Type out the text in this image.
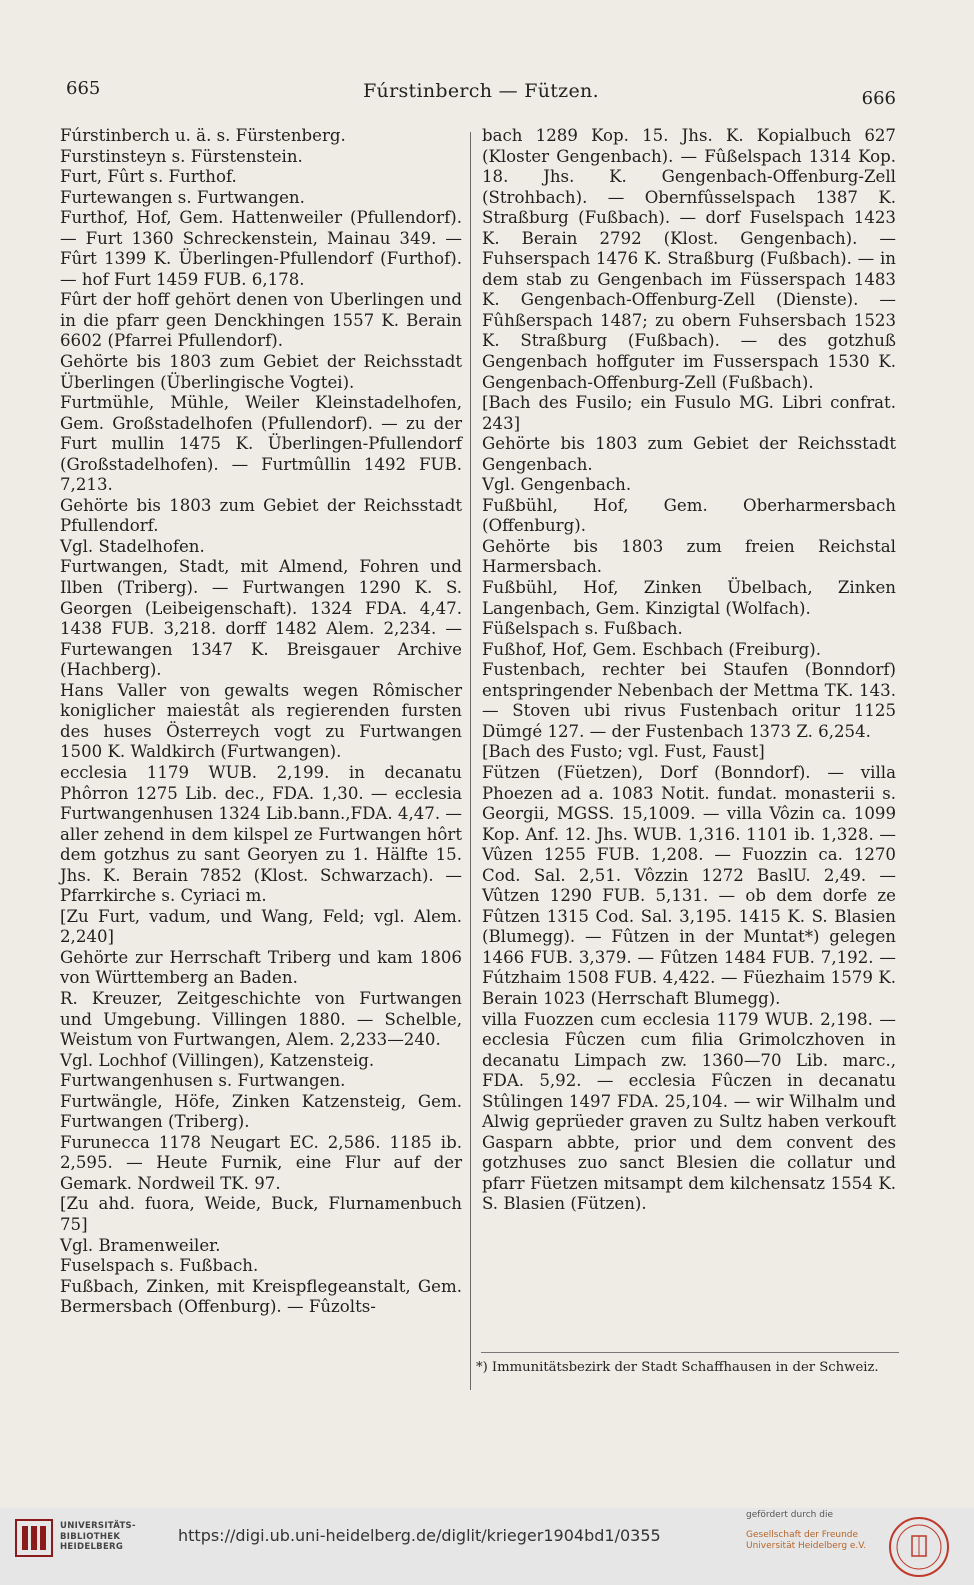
665	Fúrstinberch — Fützen.	666

Fúrstinberch u. ä. s. Fürstenberg.

Furstinsteyn s. Fürstenstein.

Furt, Fûrt s. Furthof.

Furtewangen s. Furtwangen.

Furthof, Hof, Gem. Hattenweiler (Pfullendorf). — Furt 1360 Schreckenstein, Mainau 349. — Fûrt 1399 K. Überlingen-Pfullendorf (Furthof). — hof Furt 1459 FUB. 6,178.

Fûrt der hoff gehört denen von Uberlingen und in die pfarr geen Denckhingen 1557 K. Berain 6602 (Pfarrei Pfullendorf).

Gehörte bis 1803 zum Gebiet der Reichsstadt Überlingen (Überlingische Vogtei).

Furtmühle, Mühle, Weiler Kleinstadelhofen, Gem. Großstadelhofen (Pfullendorf). — zu der Furt mullin 1475 K. Überlingen-Pfullendorf (Großstadelhofen). — Furtmûllin 1492 FUB. 7,213.

Gehörte bis 1803 zum Gebiet der Reichsstadt Pfullendorf.

Vgl. Stadelhofen.

Furtwangen, Stadt, mit Almend, Fohren und Ilben (Triberg). — Furtwangen 1290 K. S. Georgen (Leibeigenschaft). 1324 FDA. 4,47. 1438 FUB. 3,218. dorff 1482 Alem. 2,234. — Furtewangen 1347 K. Breisgauer Archive (Hachberg).

Hans Valler von gewalts wegen Rômischer koniglicher maiestât als regierenden fursten des huses Österreych vogt zu Furtwangen 1500 K. Waldkirch (Furtwangen).

ecclesia 1179 WUB. 2,199. in decanatu Phôrron 1275 Lib. dec., FDA. 1,30. — ecclesia Furtwangenhusen 1324 Lib.bann.,FDA. 4,47. — aller zehend in dem kilspel ze Furtwangen hôrt dem gotzhus zu sant Georyen zu 1. Hälfte 15. Jhs. K. Berain 7852 (Klost. Schwarzach). — Pfarrkirche s. Cyriaci m.

[Zu Furt, vadum, und Wang, Feld; vgl. Alem. 2,240]

Gehörte zur Herrschaft Triberg und kam 1806 von Württemberg an Baden.

R. Kreuzer, Zeitgeschichte von Furtwangen und Umgebung. Villingen 1880. — Schelble, Weistum von Furtwangen, Alem. 2,233—240.

Vgl. Lochhof (Villingen), Katzensteig.

Furtwangenhusen s. Furtwangen.

Furtwängle, Höfe, Zinken Katzensteig, Gem. Furtwangen (Triberg).

Furunecca 1178 Neugart EC. 2,586. 1185 ib. 2,595. — Heute Furnik, eine Flur auf der Gemark. Nordweil TK. 97.

[Zu ahd. fuora, Weide, Buck, Flurnamenbuch 75]

Vgl. Bramenweiler.

Fuselspach s. Fußbach.

Fußbach, Zinken, mit Kreispflegeanstalt, Gem. Bermersbach (Offenburg). — Fûzolts-

bach 1289 Kop. 15. Jhs. K. Kopialbuch 627 (Kloster Gengenbach). — Fûßelspach 1314 Kop. 18. Jhs. K. Gengenbach-Offenburg-Zell (Strohbach). — Obernfûsselspach 1387 K. Straßburg (Fußbach). — dorf Fuselspach 1423 K. Berain 2792 (Klost. Gengenbach). — Fuhserspach 1476 K. Straßburg (Fußbach). — in dem stab zu Gengenbach im Füsserspach 1483 K. Gengenbach-Offenburg-Zell (Dienste). — Fûhßerspach 1487; zu obern Fuhsersbach 1523 K. Straßburg (Fußbach). — des gotzhuß Gengenbach hoffguter im Fusserspach 1530 K. Gengenbach-Offenburg-Zell (Fußbach).

[Bach des Fusilo; ein Fusulo MG. Libri confrat. 243]

Gehörte bis 1803 zum Gebiet der Reichsstadt Gengenbach.

Vgl. Gengenbach.

Fußbühl, Hof, Gem. Oberharmersbach (Offenburg).

Gehörte bis 1803 zum freien Reichstal Harmersbach.

Fußbühl, Hof, Zinken Übelbach, Zinken Langenbach, Gem. Kinzigtal (Wolfach).

Füßelspach s. Fußbach.

Fußhof, Hof, Gem. Eschbach (Freiburg).

Fustenbach, rechter bei Staufen (Bonndorf) entspringender Nebenbach der Mettma TK. 143. — Stoven ubi rivus Fustenbach oritur 1125 Dümgé 127. — der Fustenbach 1373 Z. 6,254.

[Bach des Fusto; vgl. Fust, Faust]

Fützen (Füetzen), Dorf (Bonndorf). — villa Phoezen ad a. 1083 Notit. fundat. monasterii s. Georgii, MGSS. 15,1009. — villa Vôzin ca. 1099 Kop. Anf. 12. Jhs. WUB. 1,316. 1101 ib. 1,328. — Vûzen 1255 FUB. 1,208. — Fuozzin ca. 1270 Cod. Sal. 2,51. Vôzzin 1272 BaslU. 2,49. — Vûtzen 1290 FUB. 5,131. — ob dem dorfe ze Fûtzen 1315 Cod. Sal. 3,195. 1415 K. S. Blasien (Blumegg). — Fûtzen in der Muntat*) gelegen 1466 FUB. 3,379. — Fûtzen 1484 FUB. 7,192. — Fútzhaim 1508 FUB. 4,422. — Füezhaim 1579 K. Berain 1023 (Herrschaft Blumegg).

villa Fuozzen cum ecclesia 1179 WUB. 2,198. — ecclesia Fûczen cum filia Grimolczhoven in decanatu Limpach zw. 1360—70 Lib. marc., FDA. 5,92. — ecclesia Fûczen in decanatu Stûlingen 1497 FDA. 25,104. — wir Wilhalm und Alwig geprüeder graven zu Sultz haben verkouft Gasparn abbte, prior und dem convent des gotzhuses zuo sanct Blesien die collatur und pfarr Füetzen mitsampt dem kilchensatz 1554 K. S. Blasien (Fützen).

*) Immunitätsbezirk der Stadt Schaffhausen in der Schweiz.
UNIVERSITÄTS-
BIBLIOTHEK
HEIDELBERG
https://digi.ub.uni-heidelberg.de/diglit/krieger1904bd1/0355
gefördert durch die
Gesellschaft der Freunde
Universität Heidelberg e.V.
